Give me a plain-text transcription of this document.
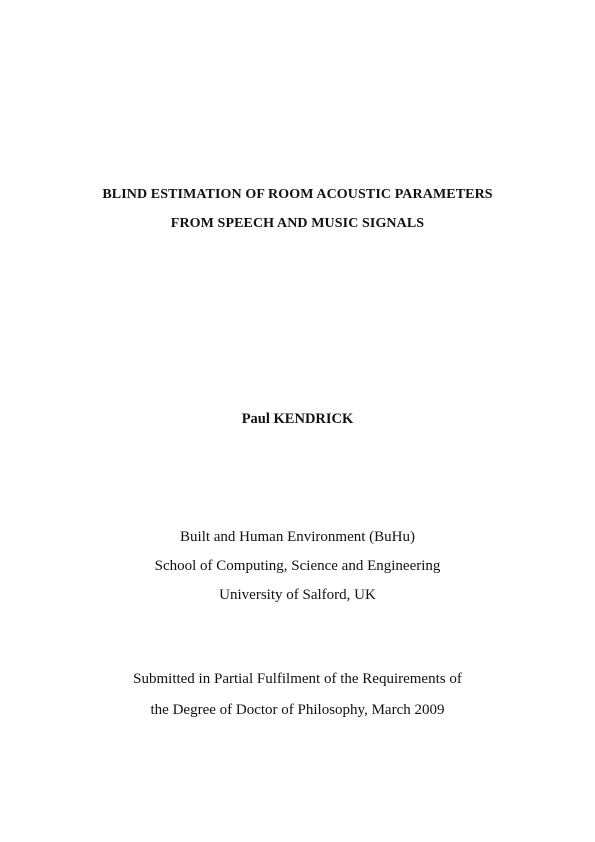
BLIND ESTIMATION OF ROOM ACOUSTIC PARAMETERS
FROM SPEECH AND MUSIC SIGNALS
Paul KENDRICK
Built and Human Environment (BuHu)
School of Computing, Science and Engineering
University of Salford, UK
Submitted in Partial Fulfilment of the Requirements of
the Degree of Doctor of Philosophy, March 2009
